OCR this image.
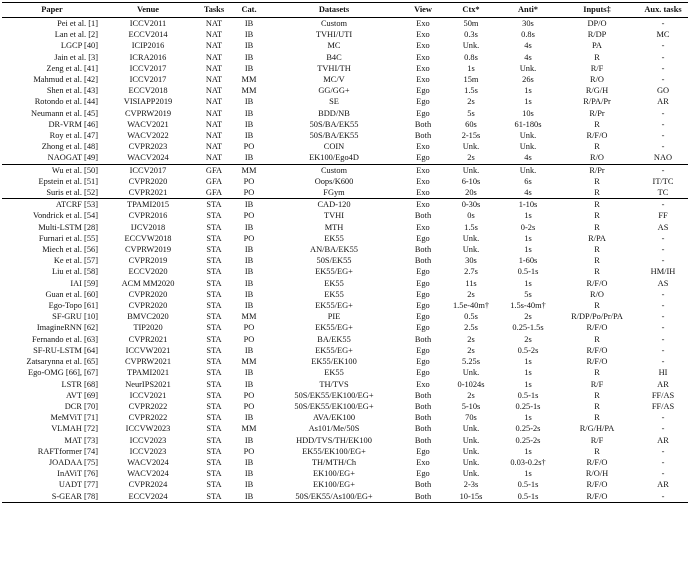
Paper	Venue	Tasks	Cat.	Datasets	View	Ctx*	Anti*	Inputs‡	Aux. tasks
Pei et al. [1]	ICCV2011	NAT	IB	Custom	Exo	50m	30s	DP/O	-
Lan et al. [2]	ECCV2014	NAT	IB	TVHI/UTI	Exo	0.3s	0.8s	R/DP	MC
LGCP [40]	ICIP2016	NAT	IB	MC	Exo	Unk.	4s	PA	-
Jain et al. [3]	ICRA2016	NAT	IB	B4C	Exo	0.8s	4s	R	-
Zeng et al. [41]	ICCV2017	NAT	IB	TVHI/TH	Exo	1s	Unk.	R/F	-
Mahmud et al. [42]	ICCV2017	NAT	MM	MC/V	Exo	15m	26s	R/O	-
Shen et al. [43]	ECCV2018	NAT	MM	GG/GG+	Ego	1.5s	1s	R/G/H	GO
Rotondo et al. [44]	VISIAPP2019	NAT	IB	SE	Ego	2s	1s	R/PA/Pr	AR
Neumann et al. [45]	CVPRW2019	NAT	IB	BDD/NB	Ego	5s	10s	R/Pr	-
DR-VRM [46]	WACV2021	NAT	IB	50S/BA/EK55	Both	60s	61-180s	R	-
Roy et al. [47]	WACV2022	NAT	IB	50S/BA/EK55	Both	2-15s	Unk.	R/F/O	-
Zhong et al. [48]	CVPR2023	NAT	PO	COIN	Exo	Unk.	Unk.	R	-
NAOGAT [49]	WACV2024	NAT	IB	EK100/Ego4D	Ego	2s	4s	R/O	NAO
Wu et al. [50]	ICCV2017	GFA	MM	Custom	Exo	Unk.	Unk.	R/Pr	-
Epstein et al. [51]	CVPR2020	GFA	PO	Oops/K600	Exo	6-10s	6s	R	IT/TC
Suris et al. [52]	CVPR2021	GFA	PO	FGym	Exo	20s	4s	R	TC
ATCRF [53]	TPAMI2015	STA	IB	CAD-120	Exo	0-30s	1-10s	R	-
Vondrick et al. [54]	CVPR2016	STA	PO	TVHI	Both	0s	1s	R	FF
Multi-LSTM [28]	IJCV2018	STA	IB	MTH	Exo	1.5s	0-2s	R	AS
Furnari et al. [55]	ECCVW2018	STA	PO	EK55	Ego	Unk.	1s	R/PA	-
Miech et al. [56]	CVPRW2019	STA	IB	AN/BA/EK55	Both	Unk.	1s	R	-
Ke et al. [57]	CVPR2019	STA	IB	50S/EK55	Both	30s	1-60s	R	-
Liu et al. [58]	ECCV2020	STA	IB	EK55/EG+	Ego	2.7s	0.5-1s	R	HM/IH
IAI [59]	ACM MM2020	STA	IB	EK55	Ego	11s	1s	R/F/O	AS
Guan et al. [60]	CVPR2020	STA	IB	EK55	Ego	2s	5s	R/O	-
Ego-Topo [61]	CVPR2020	STA	IB	EK55/EG+	Ego	1.5e-40m†	1.5s-40m†	R	-
SF-GRU [10]	BMVC2020	STA	MM	PIE	Ego	0.5s	2s	R/DP/Po/Pr/PA	-
ImagineRNN [62]	TIP2020	STA	PO	EK55/EG+	Ego	2.5s	0.25-1.5s	R/F/O	-
Fernando et al. [63]	CVPR2021	STA	PO	BA/EK55	Both	2s	2s	R	-
SF-RU-LSTM [64]	ICCVW2021	STA	IB	EK55/EG+	Ego	2s	0.5-2s	R/F/O	-
Zatsarynna et al. [65]	CVPRW2021	STA	MM	EK55/EK100	Ego	5.25s	1s	R/F/O	-
Ego-OMG [66], [67]	TPAMI2021	STA	IB	EK55	Ego	Unk.	1s	R	HI
LSTR [68]	NeurIPS2021	STA	IB	TH/TVS	Exo	0-1024s	1s	R/F	AR
AVT [69]	ICCV2021	STA	PO	50S/EK55/EK100/EG+	Both	2s	0.5-1s	R	FF/AS
DCR [70]	CVPR2022	STA	PO	50S/EK55/EK100/EG+	Both	5-10s	0.25-1s	R	FF/AS
MeMViT [71]	CVPR2022	STA	IB	AVA/EK100	Both	70s	1s	R	-
VLMAH [72]	ICCVW2023	STA	MM	As101/Me/50S	Both	Unk.	0.25-2s	R/G/H/PA	-
MAT [73]	ICCV2023	STA	IB	HDD/TVS/TH/EK100	Both	Unk.	0.25-2s	R/F	AR
RAFTformer [74]	ICCV2023	STA	PO	EK55/EK100/EG+	Ego	Unk.	1s	R	-
JOADAA [75]	WACV2024	STA	IB	TH/MTH/Ch	Exo	Unk.	0.03-0.2s†	R/F/O	-
InAViT [76]	WACV2024	STA	IB	EK100/EG+	Ego	Unk.	1s	R/O/H	-
UADT [77]	CVPR2024	STA	IB	EK100/EG+	Both	2-3s	0.5-1s	R/F/O	AR
S-GEAR [78]	ECCV2024	STA	IB	50S/EK55/As100/EG+	Both	10-15s	0.5-1s	R/F/O	-
